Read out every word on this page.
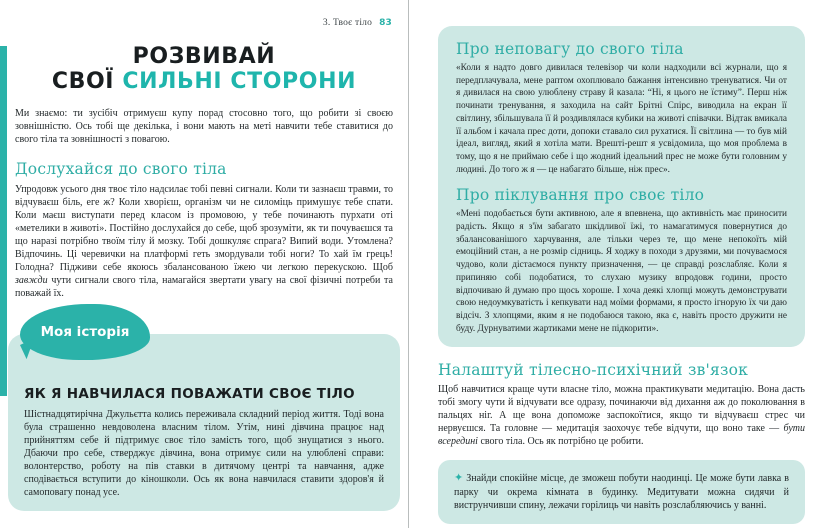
3. Твоє тіло 83
РОЗВИВАЙ
СВОЇ СИЛЬНІ СТОРОНИ

Ми знаємо: ти зусібіч отримуєш купу порад стосовно того, що робити зі своєю зовнішністю. Ось тобі ще декілька, і вони мають на меті навчити тебе ставитися до свого тіла та зовнішності з повагою.

Дослухайся до свого тіла

Упродовж усього дня твоє тіло надсилає тобі певні сигнали. Коли ти зазнаєш травми, то відчуваєш біль, еге ж? Коли хворієш, організм чи не силоміць примушує тебе спати. Коли маєш виступати перед класом із промовою, у тебе починають пурхати оті «метелики в животі». Постійно дослухайся до себе, щоб зрозуміти, як ти почуваєшся та що наразі потрібно твоїм тілу й мозку. Тобі дошкуляє спрага? Випий води. Утомлена? Відпочинь. Ці черевички на платформі геть змордували тобі ноги? То хай їм грець! Голодна? Підживи себе якоюсь збалансованою їжею чи легкою перекускою. Щоб завжди чути сигнали свого тіла, намагайся звертати увагу на свої фізичні потреби та поважай їх.

Моя історія
ЯК Я НАВЧИЛАСЯ ПОВАЖАТИ СВОЄ ТІЛО

Шістнадцятирічна Джульєтта колись переживала складний період життя. Тоді вона була страшенно невдоволена власним тілом. Утім, нині дівчина працює над прийняттям себе й підтримує своє тіло замість того, щоб знущатися з нього. Дбаючи про себе, стверджує дівчина, вона отримує сили на улюблені справи: волонтерство, роботу на пів ставки в дитячому центрі та навчання, адже сподівається вступити до кіношколи. Ось як вона навчилася ставити здоров'я й самоповагу понад усе.

Про неповагу до свого тіла

«Коли я надто довго дивилася телевізор чи коли надходили всі журнали, що я передплачувала, мене раптом охоплювало бажання інтенсивно тренуватися. Чи от я дивилася на свою улюблену страву й казала: “Ні, я цього не їстиму”. Перш ніж починати тренування, я заходила на сайт Брітні Спірс, виводила на екран її світлину, збільшувала її й роздивлялася кубики на животі співачки. Відтак вмикала її альбом і качала прес доти, допоки ставало сил рухатися. Її світлина — то був мій ідеал, вигляд, який я хотіла мати. Врешті-решт я усвідомила, що моя проблема в тому, що я не приймаю себе і що жодний ідеальний прес не може бути головним у людині. До того ж я — це набагато більше, ніж прес».

Про піклування про своє тіло

«Мені подобається бути активною, але я впевнена, що активність має приносити радість. Якщо я з'їм забагато шкідливої їжі, то намагатимуся повернутися до збалансованішого харчування, але тільки через те, що мене непокоїть мій емоційний стан, а не розмір сідниць. Я ходжу в походи з друзями, ми почуваємося чудово, коли дістаємося пункту призначення, — це справді розслабляє. Коли я припиняю собі подобатися, то слухаю музику впродовж години, просто відпочиваю й думаю про щось хороше. І хоча деякі хлопці можуть демонструвати свою недоумкуватість і кепкувати над моїми формами, я просто ігнорую їх чи даю відсіч. З хлопцями, яким я не подобаюся такою, яка є, навіть просто дружити не буду. Дурнуватими жартиками мене не підкорити».

Налаштуй тілесно-психічний зв'язок

Щоб навчитися краще чути власне тіло, можна практикувати медитацію. Вона дасть тобі змогу чути й відчувати все одразу, починаючи від дихання аж до поколювання в пальцях ніг. А ще вона допоможе заспокоїтися, якщо ти відчуваєш стрес чи нервуєшся. Та головне — медитація заохочує тебе відчути, що воно таке — бути всередині свого тіла. Ось як потрібно це робити.

✦ Знайди спокійне місце, де зможеш побути наодинці. Це може бути лавка в парку чи окрема кімната в будинку. Медитувати можна сидячи й виструнчивши спину, лежачи горілиць чи навіть розслабляючись у ванні.
